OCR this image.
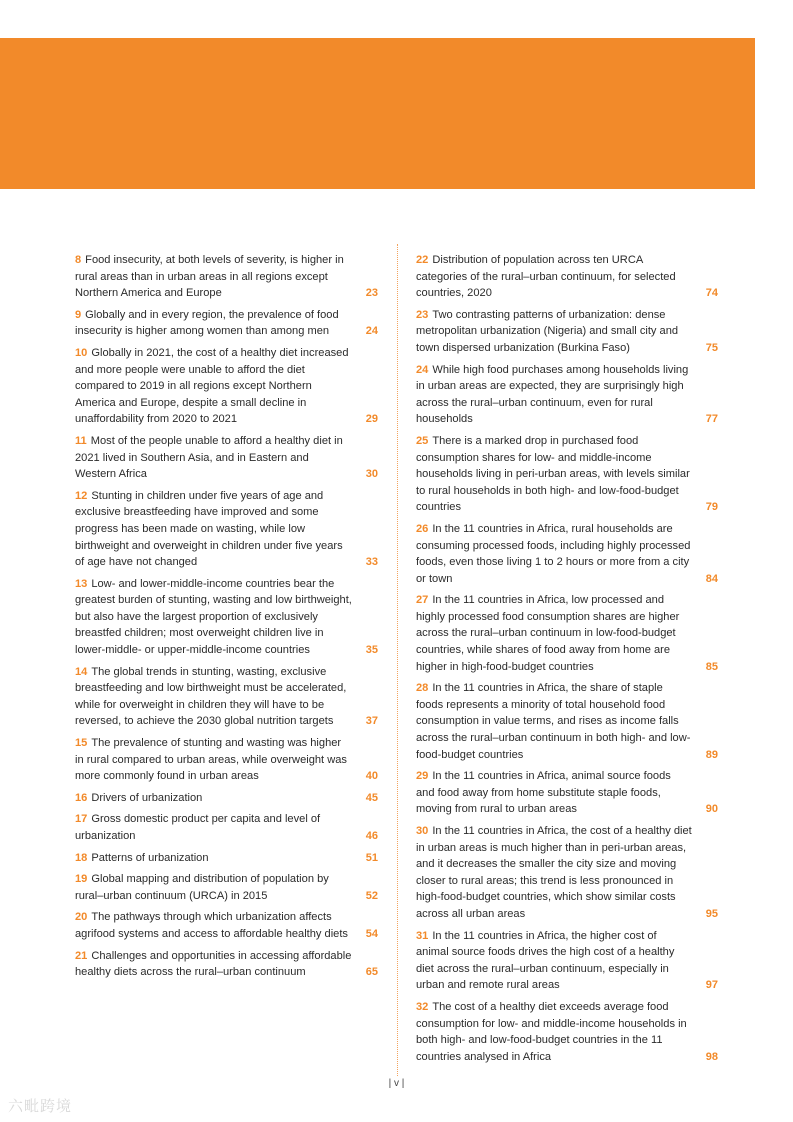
8 Food insecurity, at both levels of severity, is higher in rural areas than in urban areas in all regions except Northern America and Europe	23
9 Globally and in every region, the prevalence of food insecurity is higher among women than among men	24
10 Globally in 2021, the cost of a healthy diet increased and more people were unable to afford the diet compared to 2019 in all regions except Northern America and Europe, despite a small decline in unaffordability from 2020 to 2021	29
11 Most of the people unable to afford a healthy diet in 2021 lived in Southern Asia, and in Eastern and Western Africa	30
12 Stunting in children under five years of age and exclusive breastfeeding have improved and some progress has been made on wasting, while low birthweight and overweight in children under five years of age have not changed	33
13 Low- and lower-middle-income countries bear the greatest burden of stunting, wasting and low birthweight, but also have the largest proportion of exclusively breastfed children; most overweight children live in lower-middle- or upper-middle-income countries	35
14 The global trends in stunting, wasting, exclusive breastfeeding and low birthweight must be accelerated, while for overweight in children they will have to be reversed, to achieve the 2030 global nutrition targets	37
15 The prevalence of stunting and wasting was higher in rural compared to urban areas, while overweight was more commonly found in urban areas	40
16 Drivers of urbanization	45
17 Gross domestic product per capita and level of urbanization	46
18 Patterns of urbanization	51
19 Global mapping and distribution of population by rural–urban continuum (URCA) in 2015	52
20 The pathways through which urbanization affects agrifood systems and access to affordable healthy diets	54
21 Challenges and opportunities in accessing affordable healthy diets across the rural–urban continuum	65
22 Distribution of population across ten URCA categories of the rural–urban continuum, for selected countries, 2020	74
23 Two contrasting patterns of urbanization: dense metropolitan urbanization (Nigeria) and small city and town dispersed urbanization (Burkina Faso)	75
24 While high food purchases among households living in urban areas are expected, they are surprisingly high across the rural–urban continuum, even for rural households	77
25 There is a marked drop in purchased food consumption shares for low- and middle-income households living in peri-urban areas, with levels similar to rural households in both high- and low-food-budget countries	79
26 In the 11 countries in Africa, rural households are consuming processed foods, including highly processed foods, even those living 1 to 2 hours or more from a city or town	84
27 In the 11 countries in Africa, low processed and highly processed food consumption shares are higher across the rural–urban continuum in low-food-budget countries, while shares of food away from home are higher in high-food-budget countries	85
28 In the 11 countries in Africa, the share of staple foods represents a minority of total household food consumption in value terms, and rises as income falls across the rural–urban continuum in both high- and low-food-budget countries	89
29 In the 11 countries in Africa, animal source foods and food away from home substitute staple foods, moving from rural to urban areas	90
30 In the 11 countries in Africa, the cost of a healthy diet in urban areas is much higher than in peri-urban areas, and it decreases the smaller the city size and moving closer to rural areas; this trend is less pronounced in high-food-budget countries, which show similar costs across all urban areas	95
31 In the 11 countries in Africa, the higher cost of animal source foods drives the high cost of a healthy diet across the rural–urban continuum, especially in urban and remote rural areas	97
32 The cost of a healthy diet exceeds average food consumption for low- and middle-income households in both high- and low-food-budget countries in the 11 countries analysed in Africa	98
| v |
六毗跨境
